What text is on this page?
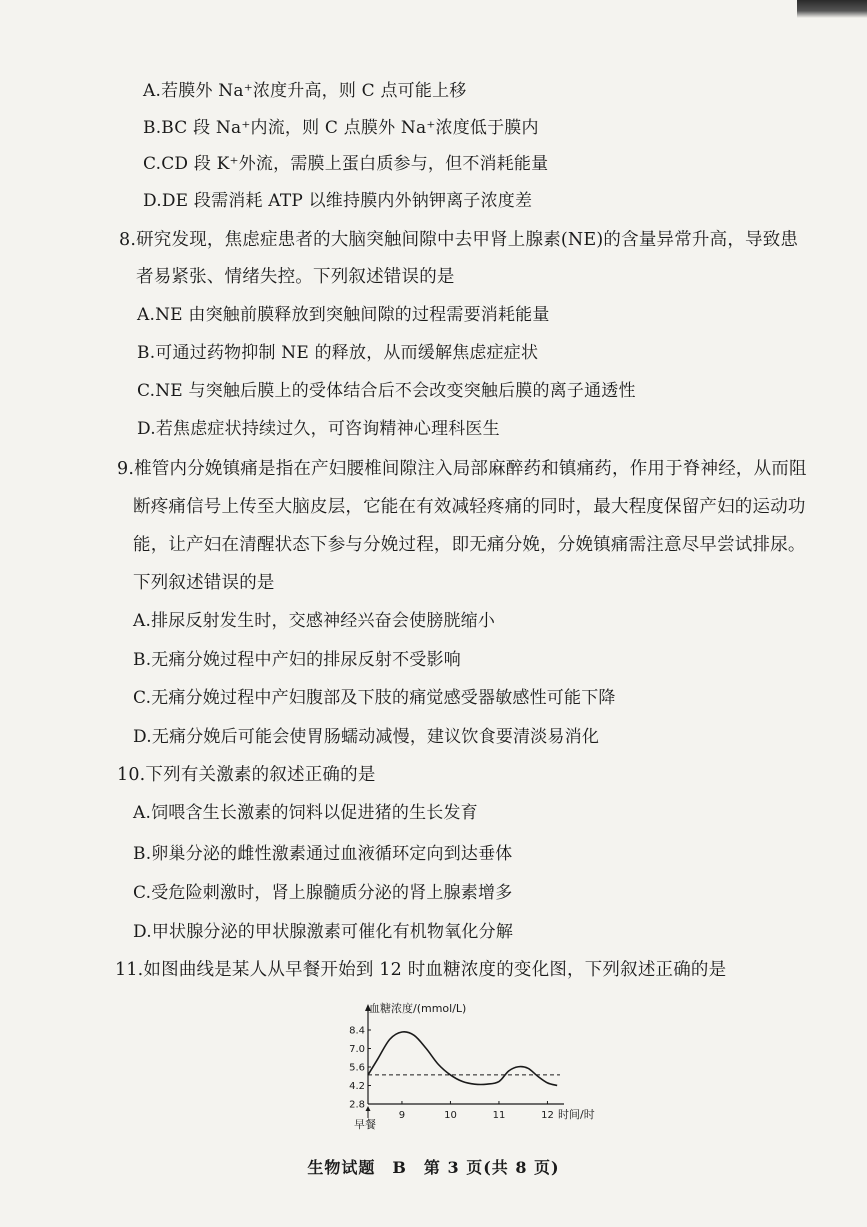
A.若膜外 Na⁺浓度升高，则 C 点可能上移
B.BC 段 Na⁺内流，则 C 点膜外 Na⁺浓度低于膜内
C.CD 段 K⁺外流，需膜上蛋白质参与，但不消耗能量
D.DE 段需消耗 ATP 以维持膜内外钠钾离子浓度差
8.研究发现，焦虑症患者的大脑突触间隙中去甲肾上腺素(NE)的含量异常升高，导致患
者易紧张、情绪失控。下列叙述错误的是
A.NE 由突触前膜释放到突触间隙的过程需要消耗能量
B.可通过药物抑制 NE 的释放，从而缓解焦虑症症状
C.NE 与突触后膜上的受体结合后不会改变突触后膜的离子通透性
D.若焦虑症状持续过久，可咨询精神心理科医生
9.椎管内分娩镇痛是指在产妇腰椎间隙注入局部麻醉药和镇痛药，作用于脊神经，从而阻
断疼痛信号上传至大脑皮层，它能在有效减轻疼痛的同时，最大程度保留产妇的运动功
能，让产妇在清醒状态下参与分娩过程，即无痛分娩，分娩镇痛需注意尽早尝试排尿。
下列叙述错误的是
A.排尿反射发生时，交感神经兴奋会使膀胱缩小
B.无痛分娩过程中产妇的排尿反射不受影响
C.无痛分娩过程中产妇腹部及下肢的痛觉感受器敏感性可能下降
D.无痛分娩后可能会使胃肠蠕动减慢，建议饮食要清淡易消化
10.下列有关激素的叙述正确的是
A.饲喂含生长激素的饲料以促进猪的生长发育
B.卵巢分泌的雌性激素通过血液循环定向到达垂体
C.受危险刺激时，肾上腺髓质分泌的肾上腺素增多
D.甲状腺分泌的甲状腺激素可催化有机物氧化分解
11.如图曲线是某人从早餐开始到 12 时血糖浓度的变化图，下列叙述正确的是
8.4
7.0
5.6
4.2
2.8
9	10	11	12
血糖浓度/(mmol/L)
时间/时
早餐
生物试题　B　第 3 页(共 8 页)
